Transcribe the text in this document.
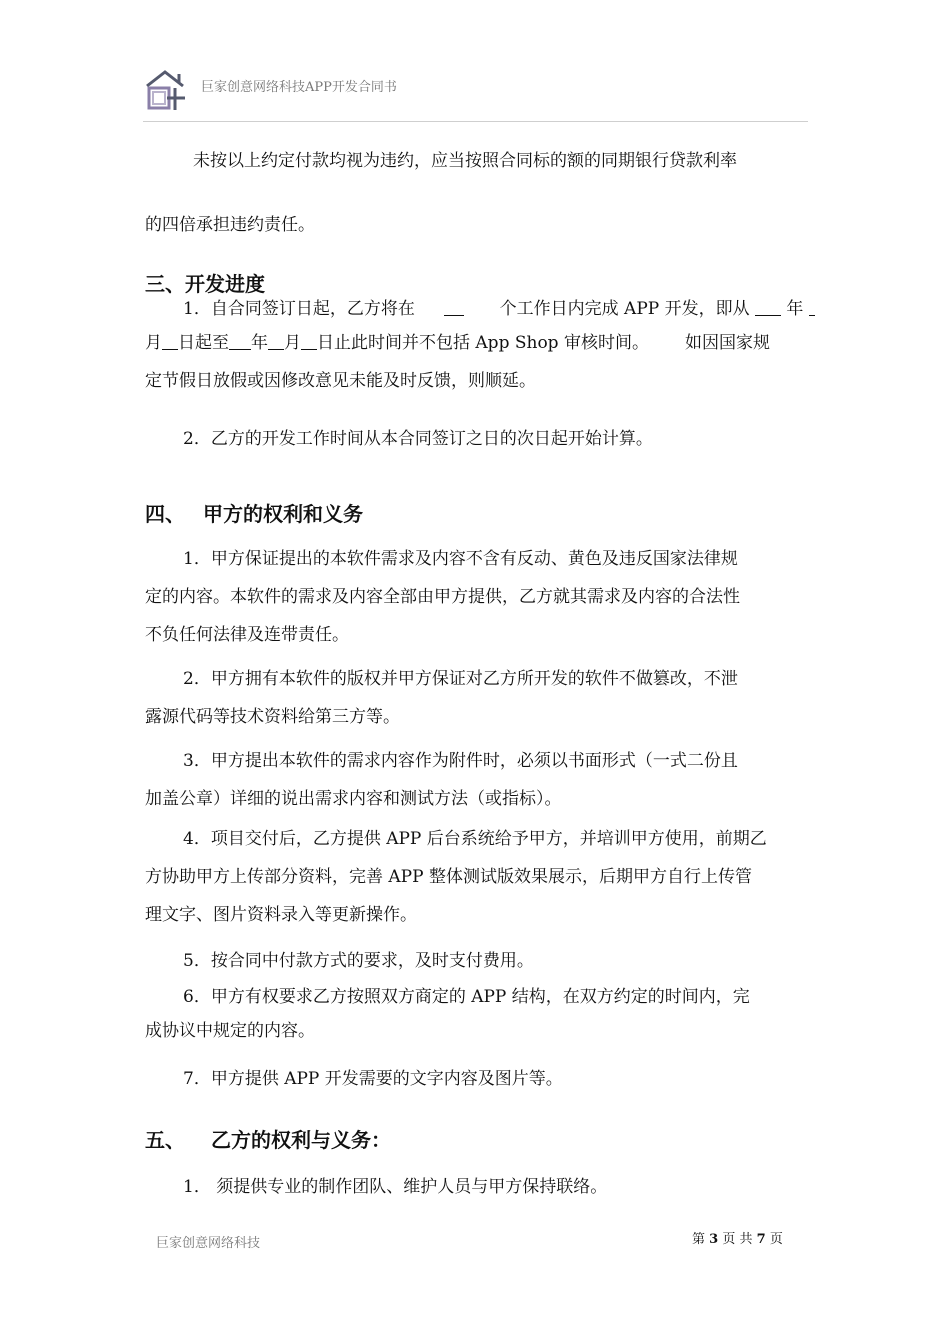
巨家创意网络科技APP开发合同书

未按以上约定付款均视为违约，应当按照合同标的额的同期银行贷款利率

的四倍承担违约责任。

三、开发进度

1．自合同签订日起，乙方将在	个工作日内完成 APP 开发，即从 年

月 日起至 年 月 日止此时间并不包括 App Shop 审核时间。 如因国家规

定节假日放假或因修改意见未能及时反馈，则顺延。

2．乙方的开发工作时间从本合同签订之日的次日起开始计算。

四、 甲方的权利和义务

1．甲方保证提出的本软件需求及内容不含有反动、黄色及违反国家法律规

定的内容。本软件的需求及内容全部由甲方提供，乙方就其需求及内容的合法性

不负任何法律及连带责任。

2．甲方拥有本软件的版权并甲方保证对乙方所开发的软件不做篡改，不泄

露源代码等技术资料给第三方等。

3．甲方提出本软件的需求内容作为附件时，必须以书面形式（一式二份且

加盖公章）详细的说出需求内容和测试方法（或指标）。

4．项目交付后，乙方提供 APP 后台系统给予甲方，并培训甲方使用，前期乙

方协助甲方上传部分资料，完善 APP 整体测试版效果展示，后期甲方自行上传管

理文字、图片资料录入等更新操作。

5．按合同中付款方式的要求，及时支付费用。

6．甲方有权要求乙方按照双方商定的 APP 结构，在双方约定的时间内，完

成协议中规定的内容。

7．甲方提供 APP 开发需要的文字内容及图片等。

五、 乙方的权利与义务：

1． 须提供专业的制作团队、维护人员与甲方保持联络。

巨家创意网络科技	第 3 页 共 7 页
